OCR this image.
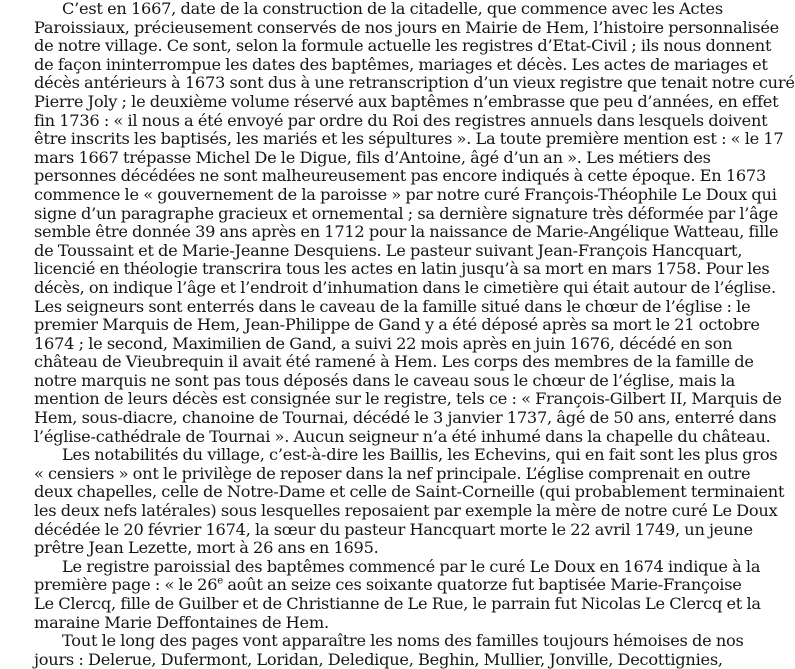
C’est en 1667, date de la construction de la citadelle, que commence avec les Actes
Paroissiaux, précieusement conservés de nos jours en Mairie de Hem, l’histoire personnalisée
de notre village. Ce sont, selon la formule actuelle les registres d’Etat-Civil ; ils nous donnent
de façon ininterrompue les dates des baptêmes, mariages et décès. Les actes de mariages et
décès antérieurs à 1673 sont dus à une retranscription d’un vieux registre que tenait notre curé
Pierre Joly ; le deuxième volume réservé aux baptêmes n’embrasse que peu d’années, en effet
fin 1736 : « il nous a été envoyé par ordre du Roi des registres annuels dans lesquels doivent
être inscrits les baptisés, les mariés et les sépultures ». La toute première mention est : « le 17
mars 1667 trépasse Michel De le Digue, fils d’Antoine, âgé d’un an ». Les métiers des
personnes décédées ne sont malheureusement pas encore indiqués à cette époque. En 1673
commence le « gouvernement de la paroisse » par notre curé François-Théophile Le Doux qui
signe d’un paragraphe gracieux et ornemental ; sa dernière signature très déformée par l’âge
semble être donnée 39 ans après en 1712 pour la naissance de Marie-Angélique Watteau, fille
de Toussaint et de Marie-Jeanne Desquiens. Le pasteur suivant Jean-François Hancquart,
licencié en théologie transcrira tous les actes en latin jusqu’à sa mort en mars 1758. Pour les
décès, on indique l’âge et l’endroit d’inhumation dans le cimetière qui était autour de l’église.
Les seigneurs sont enterrés dans le caveau de la famille situé dans le chœur de l’église : le
premier Marquis de Hem, Jean-Philippe de Gand y a été déposé après sa mort le 21 octobre
1674 ; le second, Maximilien de Gand, a suivi 22 mois après en juin 1676, décédé en son
château de Vieubrequin il avait été ramené à Hem. Les corps des membres de la famille de
notre marquis ne sont pas tous déposés dans le caveau sous le chœur de l’église, mais la
mention de leurs décès est consignée sur le registre, tels ce : « François-Gilbert II, Marquis de
Hem, sous-diacre, chanoine de Tournai, décédé le 3 janvier 1737, âgé de 50 ans, enterré dans
l’église-cathédrale de Tournai ». Aucun seigneur n’a été inhumé dans la chapelle du château.
Les notabilités du village, c’est-à-dire les Baillis, les Echevins, qui en fait sont les plus gros
« censiers » ont le privilège de reposer dans la nef principale. L’église comprenait en outre
deux chapelles, celle de Notre-Dame et celle de Saint-Corneille (qui probablement terminaient
les deux nefs latérales) sous lesquelles reposaient par exemple la mère de notre curé Le Doux
décédée le 20 février 1674, la sœur du pasteur Hancquart morte le 22 avril 1749, un jeune
prêtre Jean Lezette, mort à 26 ans en 1695.
Le registre paroissial des baptêmes commencé par le curé Le Doux en 1674 indique à la
première page : « le 26e août an seize ces soixante quatorze fut baptisée Marie-Françoise
Le Clercq, fille de Guilber et de Christianne de Le Rue, le parrain fut Nicolas Le Clercq et la
maraine Marie Deffontaines de Hem.
Tout le long des pages vont apparaître les noms des familles toujours hémoises de nos
jours : Delerue, Dufermont, Loridan, Deledique, Beghin, Mullier, Jonville, Decottignies,
